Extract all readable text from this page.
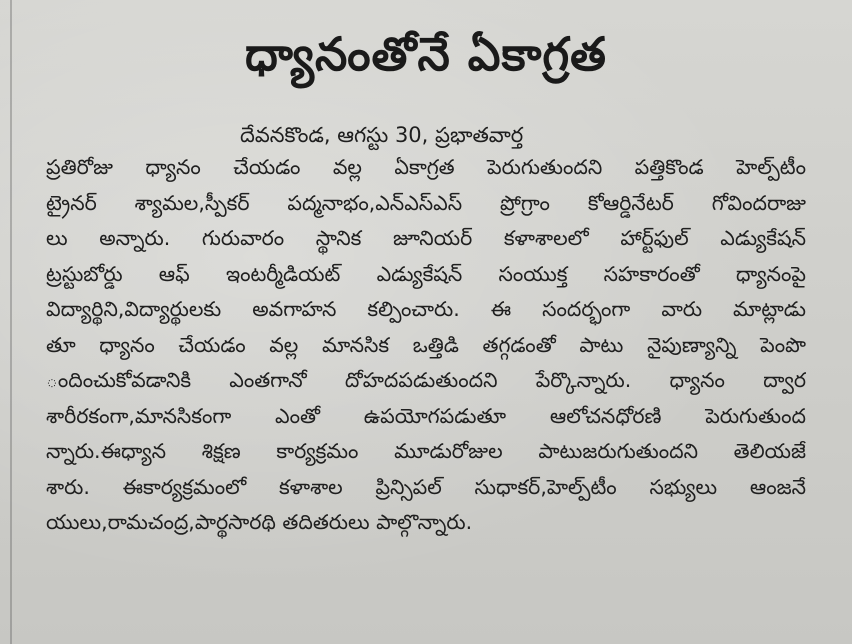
ధ్యానంతోనే ఏకాగ్రత
దేవనకొండ, ఆగస్టు 30, ప్రభాతవార్త
ప్రతిరోజు ధ్యానం చేయడం వల్ల ఏకాగ్రత పెరుగుతుందని పత్తికొండ హెల్ప్‌టీం
ట్రైనర్ శ్యామల,స్పీకర్ పద్మనాభం,ఎన్ఎస్ఎస్ ప్రోగ్రాం కోఆర్డినేటర్ గోవిందరాజు
లు అన్నారు. గురువారం స్థానిక జూనియర్ కళాశాలలో హార్ట్‌ఫుల్ ఎడ్యుకేషన్
ట్రస్టుబోర్డు ఆఫ్ ఇంటర్మీడియట్ ఎడ్యుకేషన్ సంయుక్త సహకారంతో ధ్యానంపై
విద్యార్థిని,విద్యార్థులకు అవగాహన కల్పించారు. ఈ సందర్భంగా వారు మాట్లాడు
తూ ధ్యానం చేయడం వల్ల మానసిక ఒత్తిడి తగ్గడంతో పాటు నైపుణ్యాన్ని పెంపొ
ందించుకోవడానికి ఎంతగానో దోహదపడుతుందని పేర్కొన్నారు. ధ్యానం ద్వార
శారీరకంగా,మానసికంగా ఎంతో ఉపయోగపడుతూ ఆలోచనధోరణి పెరుగుతుంద
న్నారు.ఈధ్యాన శిక్షణ కార్యక్రమం మూడురోజుల పాటుజరుగుతుందని తెలియజే
శారు. ఈకార్యక్రమంలో కళాశాల ప్రిన్సిపల్ సుధాకర్,హెల్ప్‌టీం సభ్యులు ఆంజనే
యులు,రామచంద్ర,పార్థసారథి తదితరులు పాల్గొన్నారు.
